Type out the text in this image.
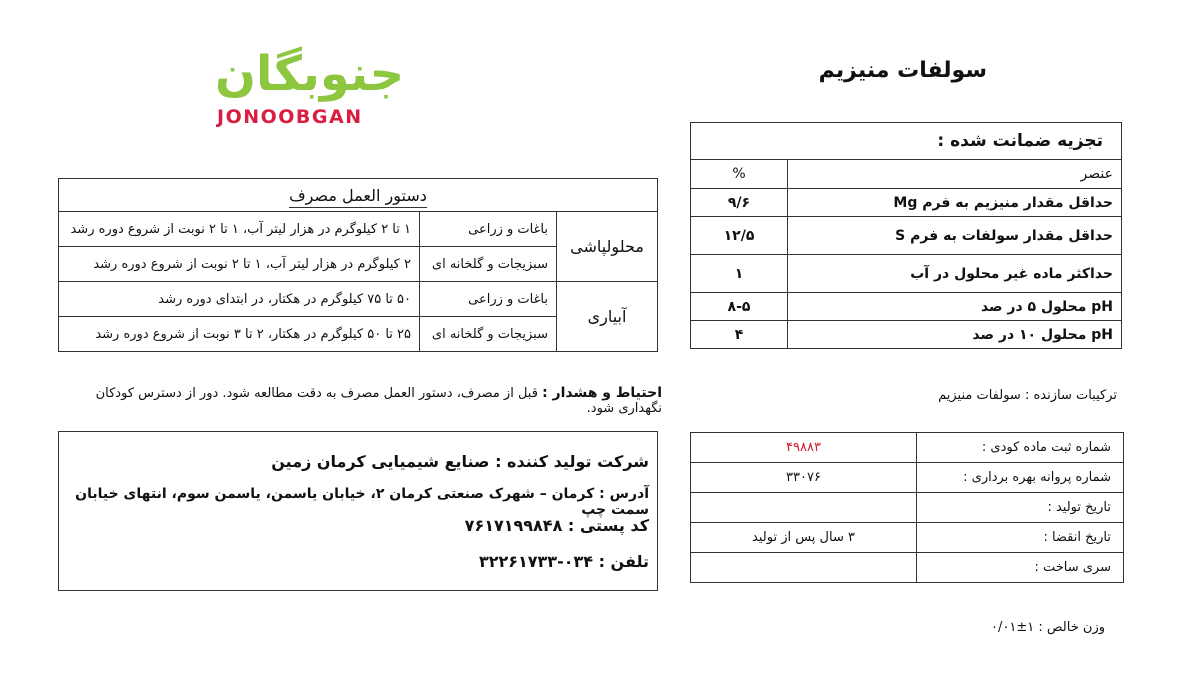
جنوبگان
JONOOBGAN
سولفات منیزیم
تجزیه ضمانت شده :	
عنصر	%
حداقل مقدار منیزیم به فرم Mg	۹/۶
حداقل مقدار سولفات به فرم S	۱۲/۵
حداکثر ماده غیر محلول در آب	۱
pH محلول ۵ در صد	۸-۵
pH محلول ۱۰ در صد	۴
ترکیبات سازنده : سولفات منیزیم
دستور العمل مصرف		
محلولپاشی	باغات و زراعی	۱ تا ۲ کیلوگرم در هزار لیتر آب، ۱ تا ۲ نوبت از شروع دوره رشد
	سبزیجات و گلخانه ای	۲ کیلوگرم در هزار لیتر آب، ۱ تا ۲ نوبت از شروع دوره رشد
آبیاری	باغات و زراعی	۵۰ تا ۷۵ کیلوگرم در هکتار، در ابتدای دوره رشد
	سبزیجات و گلخانه ای	۲۵ تا ۵۰ کیلوگرم در هکتار، ۲ تا ۳ نوبت از شروع دوره رشد
احتیاط و هشدار : قبل از مصرف، دستور العمل مصرف به دقت مطالعه شود. دور از دسترس کودکان نگهداری شود.
شرکت تولید کننده : صنایع شیمیایی کرمان زمین
آدرس : کرمان – شهرک صنعتی کرمان ۲، خیابان یاسمن، یاسمن سوم، انتهای خیابان سمت چپ
کد پستی : ۷۶۱۷۱۹۹۸۴۸
تلفن : ۰۳۴-۳۲۲۶۱۷۳۳
شماره ثبت ماده کودی :	۴۹۸۸۳
شماره پروانه بهره برداری :	۳۳۰۷۶
تاریخ تولید :	
تاریخ انقضا :	۳ سال پس از تولید
سری ساخت :	
وزن خالص : ۱±۰/۰۱
